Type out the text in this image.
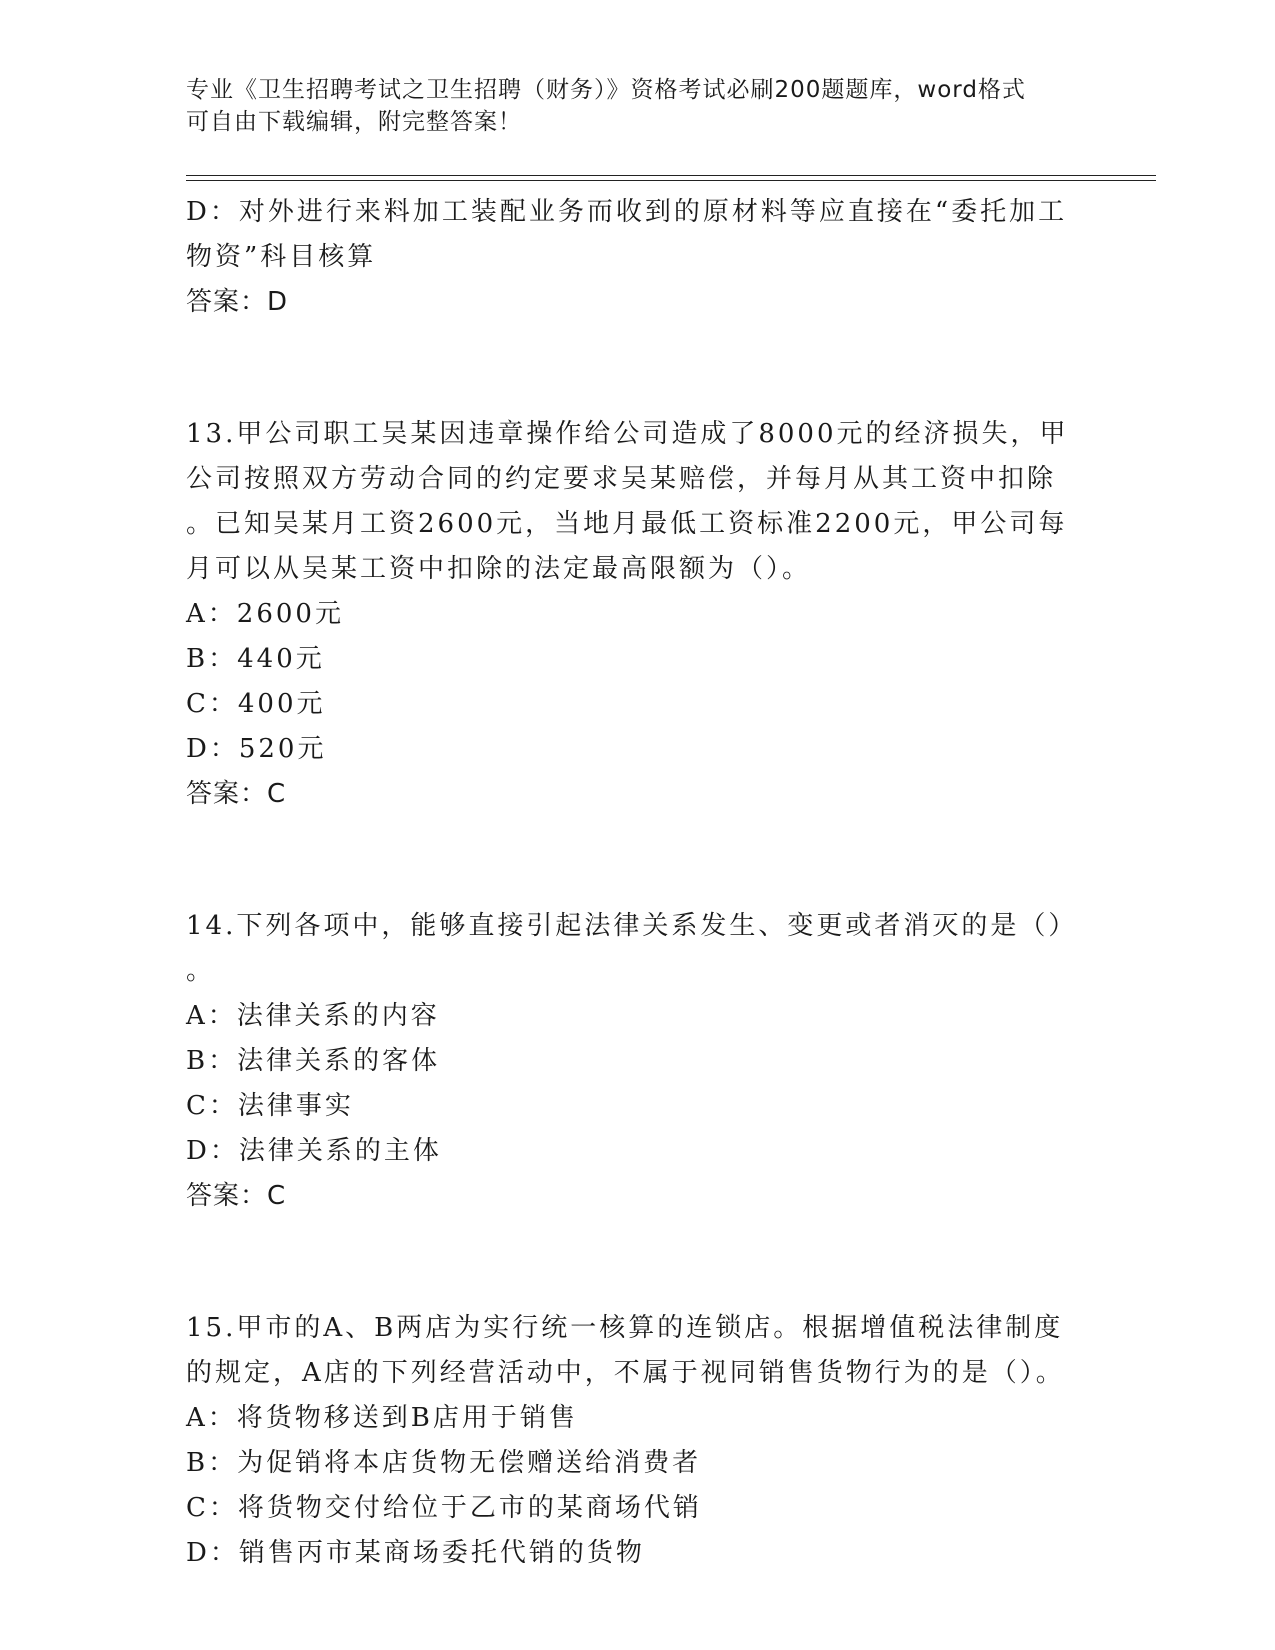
专业《卫生招聘考试之卫生招聘（财务）》资格考试必刷200题题库，word格式
可自由下载编辑，附完整答案！
D：对外进行来料加工装配业务而收到的原材料等应直接在“委托加工
物资”科目核算
答案：D
13.甲公司职工吴某因违章操作给公司造成了8000元的经济损失，甲
公司按照双方劳动合同的约定要求吴某赔偿，并每月从其工资中扣除
。已知吴某月工资2600元，当地月最低工资标准2200元，甲公司每
月可以从吴某工资中扣除的法定最高限额为（）。
A：2600元
B：440元
C：400元
D：520元
答案：C
14.下列各项中，能够直接引起法律关系发生、变更或者消灭的是（）
。
A：法律关系的内容
B：法律关系的客体
C：法律事实
D：法律关系的主体
答案：C
15.甲市的A、B两店为实行统一核算的连锁店。根据增值税法律制度
的规定，A店的下列经营活动中，不属于视同销售货物行为的是（）。
A：将货物移送到B店用于销售
B：为促销将本店货物无偿赠送给消费者
C：将货物交付给位于乙市的某商场代销
D：销售丙市某商场委托代销的货物
